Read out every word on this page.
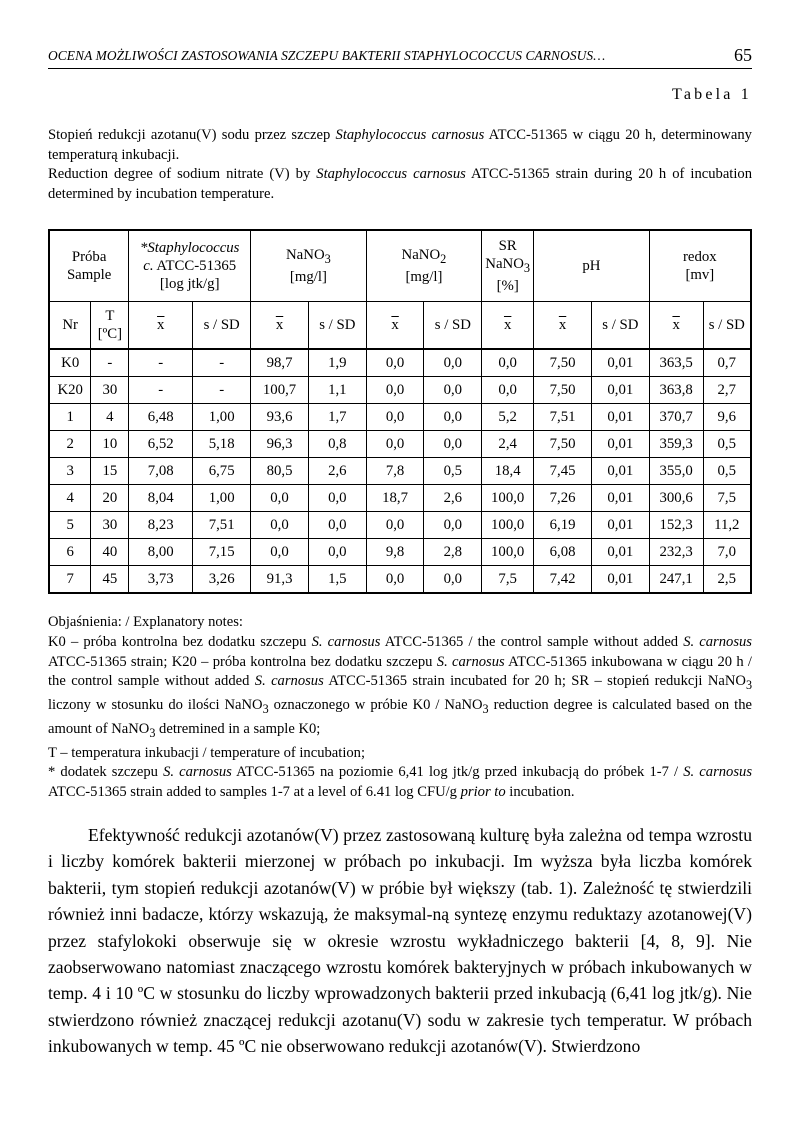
OCENA MOŻLIWOŚCI ZASTOSOWANIA SZCZEPU BAKTERII STAPHYLOCOCCUS CARNOSUS…	65
Tabela 1

Stopień redukcji azotanu(V) sodu przez szczep Staphylococcus carnosus ATCC-51365 w ciągu 20 h, determinowany temperaturą inkubacji.

Reduction degree of sodium nitrate (V) by Staphylococcus carnosus ATCC-51365 strain during 20 h of incubation determined by incubation temperature.

Próba
Sample		*Staphylococcus
c. ATCC-51365
[log jtk/g]		NaNO$_3$
[mg/l]		NaNO$_2$
[mg/l]		SR
NaNO$_3$
[%]	pH		redox
[mv]	
Nr	T
[ºC]	$\overline{x}$	s / SD	$\overline{x}$	s / SD	$\overline{x}$	s / SD	$\overline{x}$	$\overline{x}$	s / SD	$\overline{x}$	s / SD
K0	-	-	-	98,7	1,9	0,0	0,0	0,0	7,50	0,01	363,5	0,7
K20	30	-	-	100,7	1,1	0,0	0,0	0,0	7,50	0,01	363,8	2,7
1	4	6,48	1,00	93,6	1,7	0,0	0,0	5,2	7,51	0,01	370,7	9,6
2	10	6,52	5,18	96,3	0,8	0,0	0,0	2,4	7,50	0,01	359,3	0,5
3	15	7,08	6,75	80,5	2,6	7,8	0,5	18,4	7,45	0,01	355,0	0,5
4	20	8,04	1,00	0,0	0,0	18,7	2,6	100,0	7,26	0,01	300,6	7,5
5	30	8,23	7,51	0,0	0,0	0,0	0,0	100,0	6,19	0,01	152,3	11,2
6	40	8,00	7,15	0,0	0,0	9,8	2,8	100,0	6,08	0,01	232,3	7,0
7	45	3,73	3,26	91,3	1,5	0,0	0,0	7,5	7,42	0,01	247,1	2,5

Objaśnienia: / Explanatory notes:

K0 – próba kontrolna bez dodatku szczepu S. carnosus ATCC-51365 / the control sample without added S. carnosus ATCC-51365 strain; K20 – próba kontrolna bez dodatku szczepu S. carnosus ATCC-51365 inkubowana w ciągu 20 h / the control sample without added S. carnosus ATCC-51365 strain incubated for 20 h; SR – stopień redukcji NaNO$_3$ liczony w stosunku do ilości NaNO$_3$ oznaczonego w próbie K0 / NaNO$_3$ reduction degree is calculated based on the amount of NaNO$_3$ detremined in a sample K0;

T – temperatura inkubacji / temperature of incubation;

* dodatek szczepu S. carnosus ATCC-51365 na poziomie 6,41 log jtk/g przed inkubacją do próbek 1-7 / S. carnosus ATCC-51365 strain added to samples 1-7 at a level of 6.41 log CFU/g prior to incubation.

Efektywność redukcji azotanów(V) przez zastosowaną kulturę była zależna od tempa wzrostu i liczby komórek bakterii mierzonej w próbach po inkubacji. Im wyższa była liczba komórek bakterii, tym stopień redukcji azotanów(V) w próbie był większy (tab. 1). Zależność tę stwierdzili również inni badacze, którzy wskazują, że maksymal-ną syntezę enzymu reduktazy azotanowej(V) przez stafylokoki obserwuje się w okresie wzrostu wykładniczego bakterii [4, 8, 9]. Nie zaobserwowano natomiast znaczącego wzrostu komórek bakteryjnych w próbach inkubowanych w temp. 4 i 10 ºC w stosunku do liczby wprowadzonych bakterii przed inkubacją (6,41 log jtk/g). Nie stwierdzono również znaczącej redukcji azotanu(V) sodu w zakresie tych temperatur. W próbach inkubowanych w temp. 45 ºC nie obserwowano redukcji azotanów(V). Stwierdzono
